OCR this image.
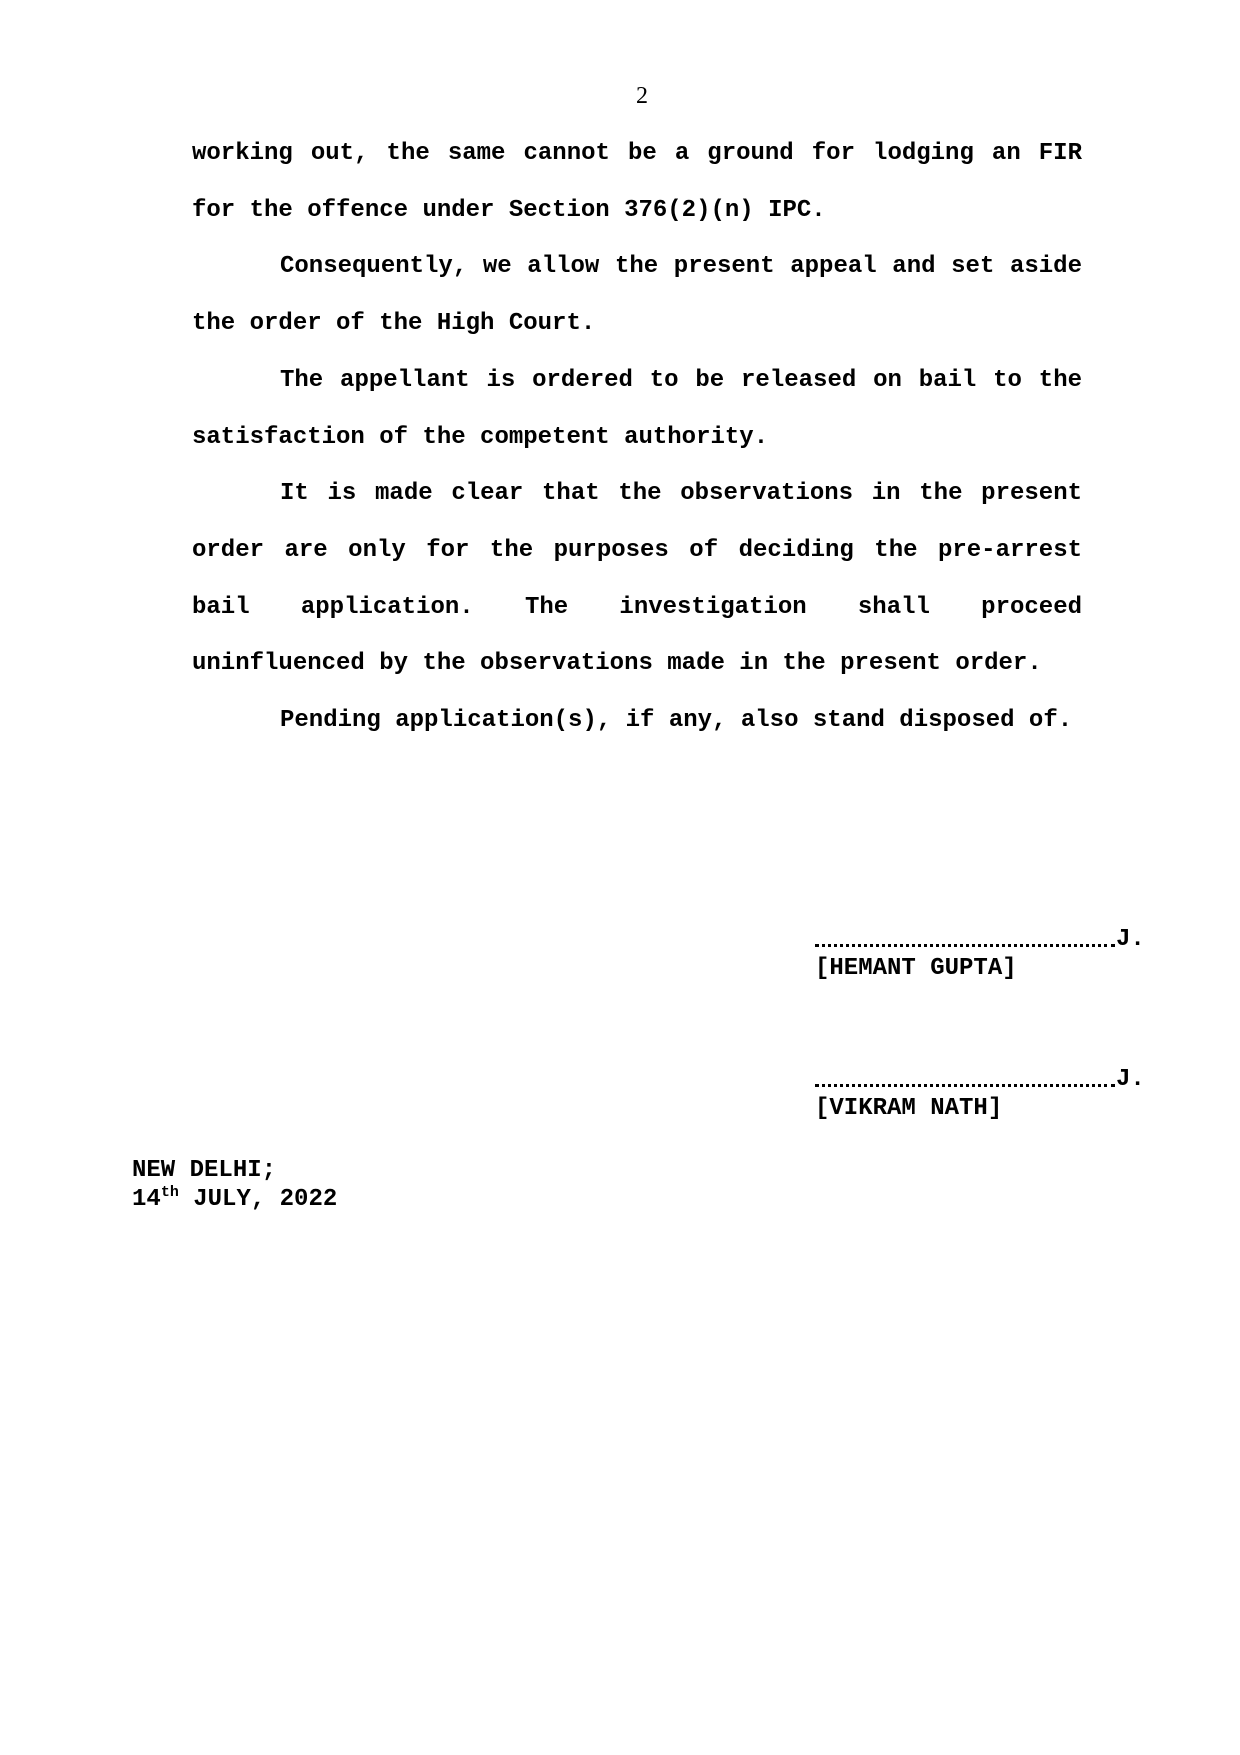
2

working out, the same cannot be a ground for lodging an FIR for the offence under Section 376(2)(n) IPC.

Consequently, we allow the present appeal and set aside the order of the High Court.

The appellant is ordered to be released on bail to the satisfaction of the competent authority.

It is made clear that the observations in the present order are only for the purposes of deciding the pre-arrest bail application. The investigation shall proceed uninfluenced by the observations made in the present order.

Pending application(s), if any, also stand disposed of.

J.
[HEMANT GUPTA]
J.
[VIKRAM NATH]
NEW DELHI;
14th JULY, 2022
